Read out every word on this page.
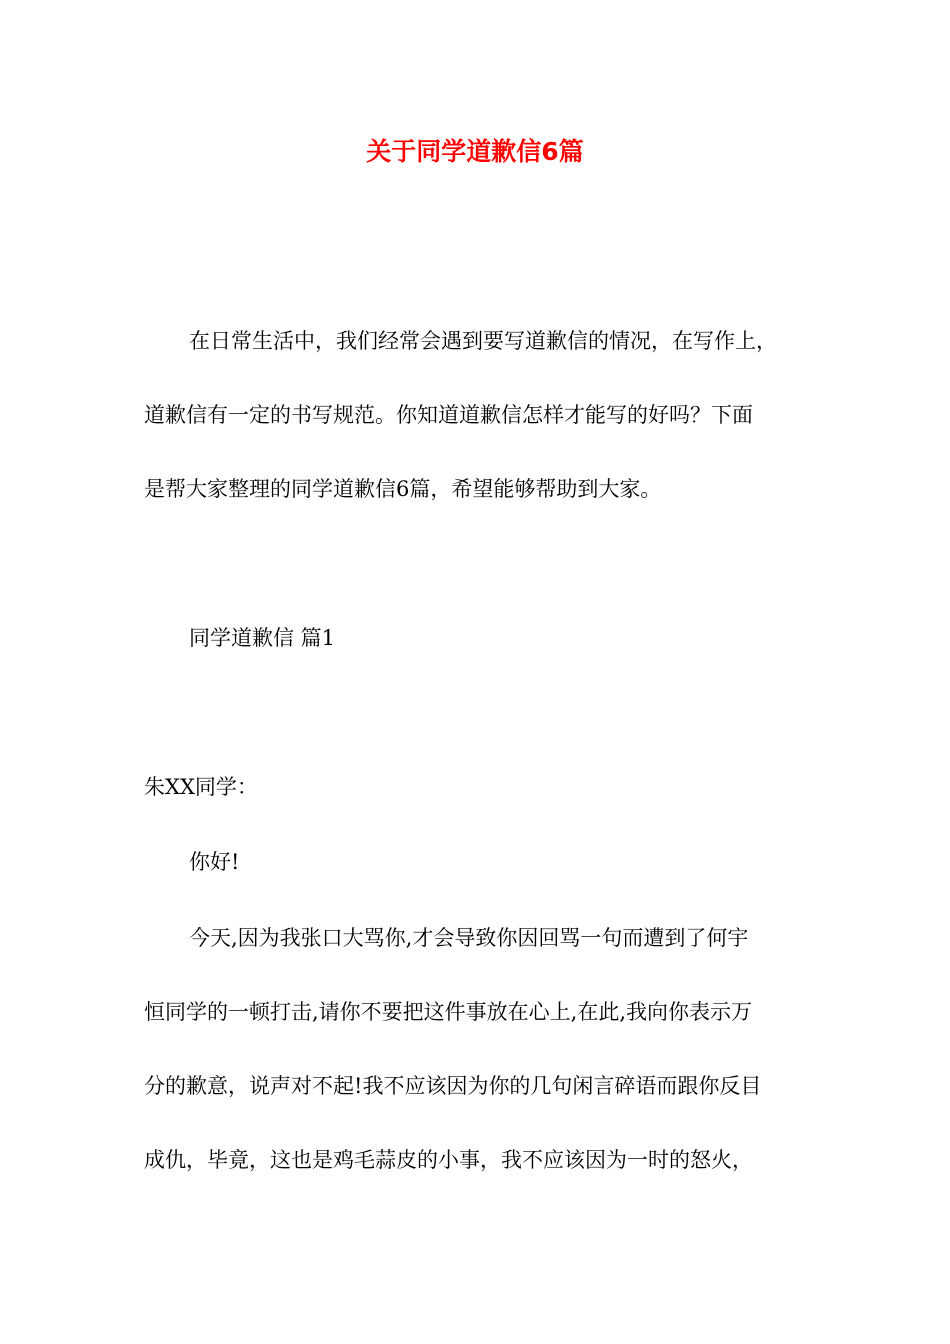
关于同学道歉信6篇

在日常生活中，我们经常会遇到要写道歉信的情况，在写作上，

道歉信有一定的书写规范。你知道道歉信怎样才能写的好吗？下面

是帮大家整理的同学道歉信6篇，希望能够帮助到大家。

同学道歉信 篇1

朱XX同学：

你好!

今天,因为我张口大骂你,才会导致你因回骂一句而遭到了何宇

恒同学的一顿打击,请你不要把这件事放在心上,在此,我向你表示万

分的歉意，说声对不起!我不应该因为你的几句闲言碎语而跟你反目

成仇，毕竟，这也是鸡毛蒜皮的小事，我不应该因为一时的怒火，
